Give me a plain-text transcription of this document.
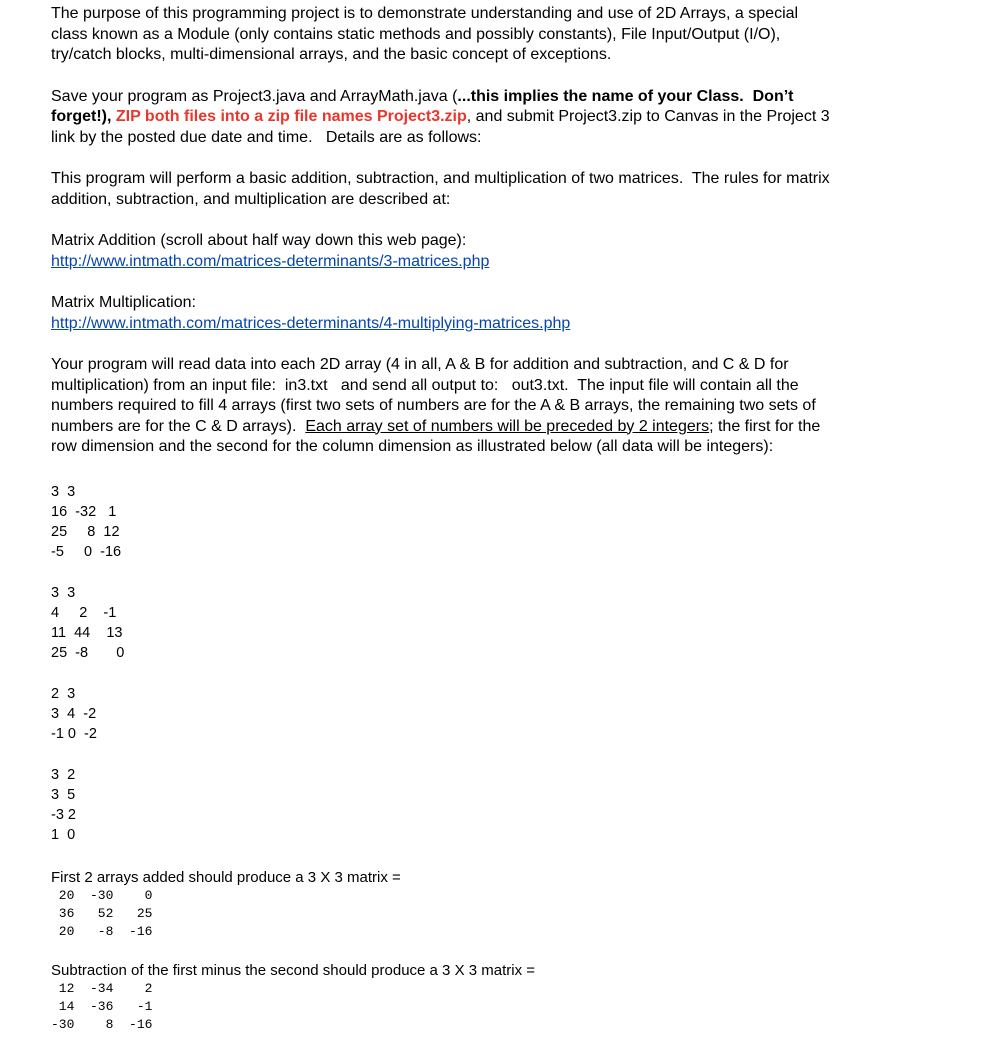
The purpose of this programming project is to demonstrate understanding and use of 2D Arrays, a special
class known as a Module (only contains static methods and possibly constants), File Input/Output (I/O),
try/catch blocks, multi-dimensional arrays, and the basic concept of exceptions.
Save your program as Project3.java and ArrayMath.java (...this implies the name of your Class.  Don’t
forget!), ZIP both files into a zip file names Project3.zip, and submit Project3.zip to Canvas in the Project 3
link by the posted due date and time.   Details are as follows:
This program will perform a basic addition, subtraction, and multiplication of two matrices.  The rules for matrix
addition, subtraction, and multiplication are described at:
Matrix Addition (scroll about half way down this web page):
http://www.intmath.com/matrices-determinants/3-matrices.php
Matrix Multiplication:
http://www.intmath.com/matrices-determinants/4-multiplying-matrices.php
Your program will read data into each 2D array (4 in all, A & B for addition and subtraction, and C & D for
multiplication) from an input file:  in3.txt   and send all output to:   out3.txt.  The input file will contain all the
numbers required to fill 4 arrays (first two sets of numbers are for the A & B arrays, the remaining two sets of
numbers are for the C & D arrays).  Each array set of numbers will be preceded by 2 integers; the first for the
row dimension and the second for the column dimension as illustrated below (all data will be integers):
3  3
16  -32   1
25     8  12
-5     0  -16
3  3
4     2    -1
11  44    13
25  -8       0
2  3
3  4  -2
-1 0  -2
3  2
3  5
-3 2
1  0
First 2 arrays added should produce a 3 X 3 matrix =
20  -30    0
36   52   25
20   -8  -16
Subtraction of the first minus the second should produce a 3 X 3 matrix =
12  -34    2
14  -36   -1
-30    8  -16
